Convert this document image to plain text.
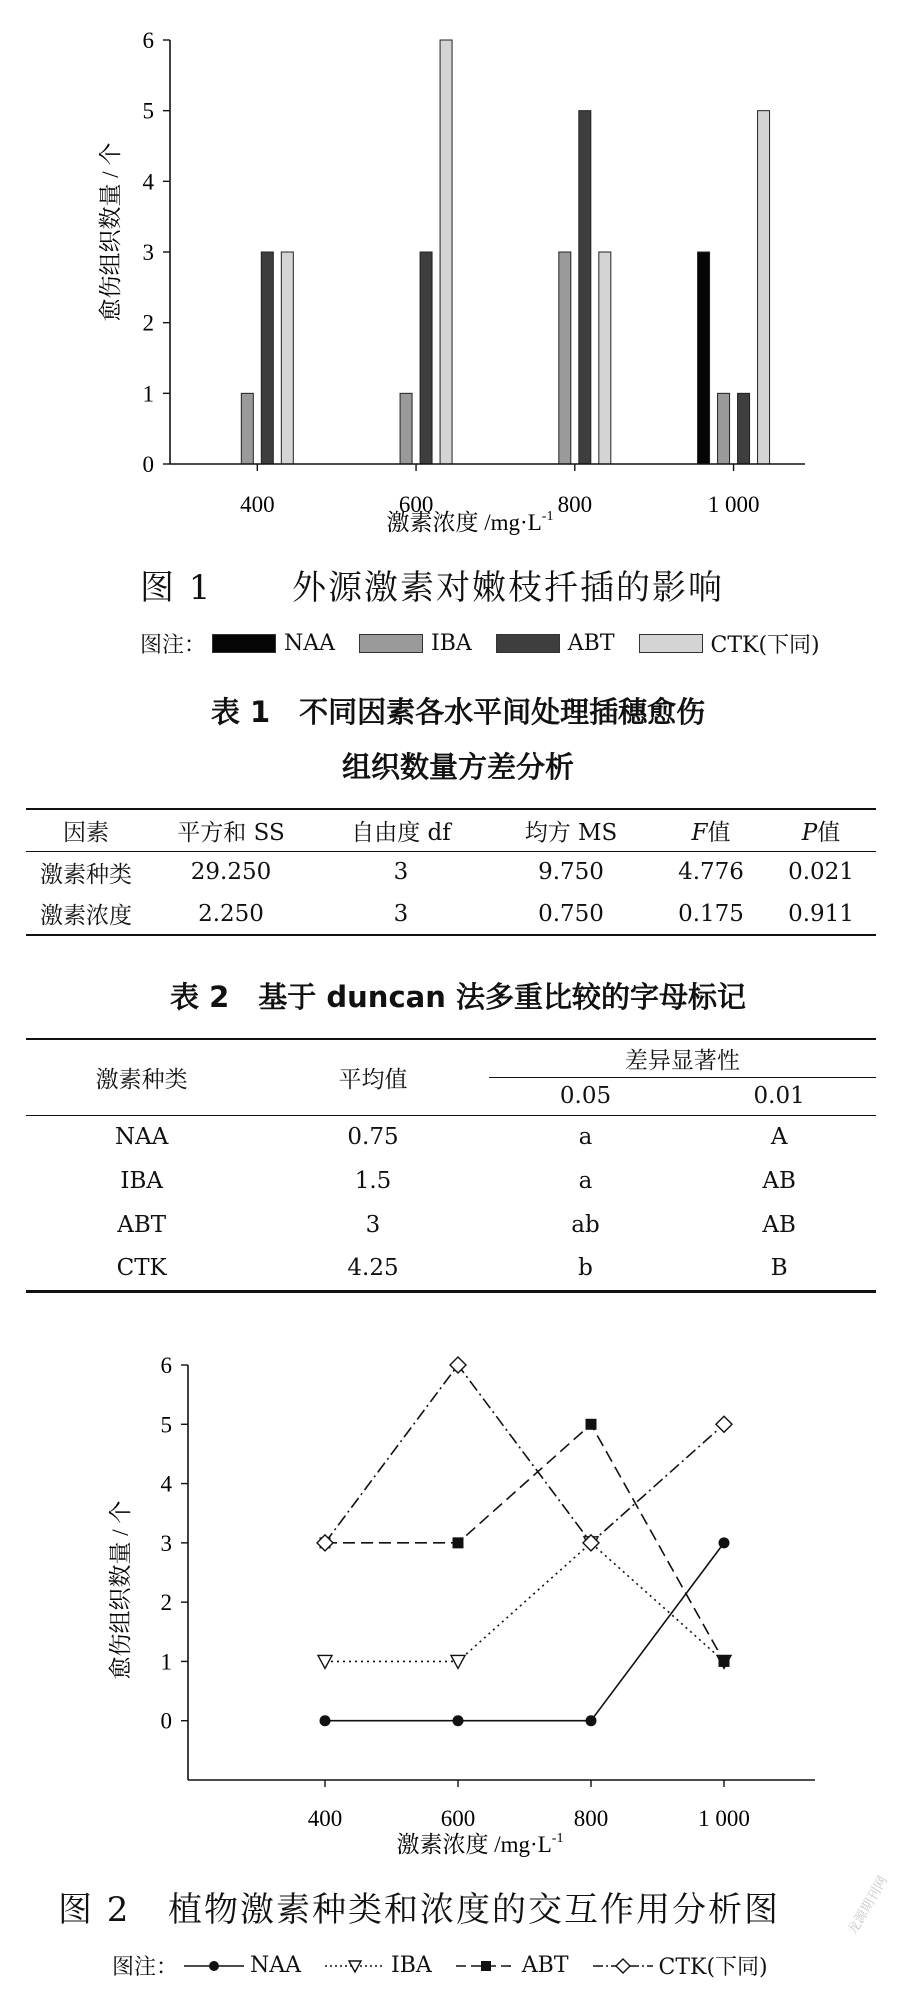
0
1
2
3
4
5
6
400	600	800	1 000
愈伤组织数量 / 个
激素浓度 $/mg\cdot L^{-1}$
图 1 外源激素对嫩枝扦插的影响
图注：	NAA	IBA	ABT	CTK(下同)
表 1　不同因素各水平间处理插穗愈伤
组织数量方差分析
因素	平方和 SS	自由度 df	均方 MS	F值	P值
激素种类	29.250	3	9.750	4.776	0.021
激素浓度	2.250	3	0.750	0.175	0.911
表 2　基于 duncan 法多重比较的字母标记
激素种类	平均值	差异显著性	
		0.05	0.01
NAA	0.75	a	A
IBA	1.5	a	AB
ABT	3	ab	AB
CTK	4.25	b	B
0
1
2
3
4
5
6
400	600	800	1 000
愈伤组织数量 / 个
激素浓度 $/mg\cdot L^{-1}$
图 2 植物激素种类和浓度的交互作用分析图
图注：	NAA	IBA	ABT	CTK(下同)
龙源期刊网
